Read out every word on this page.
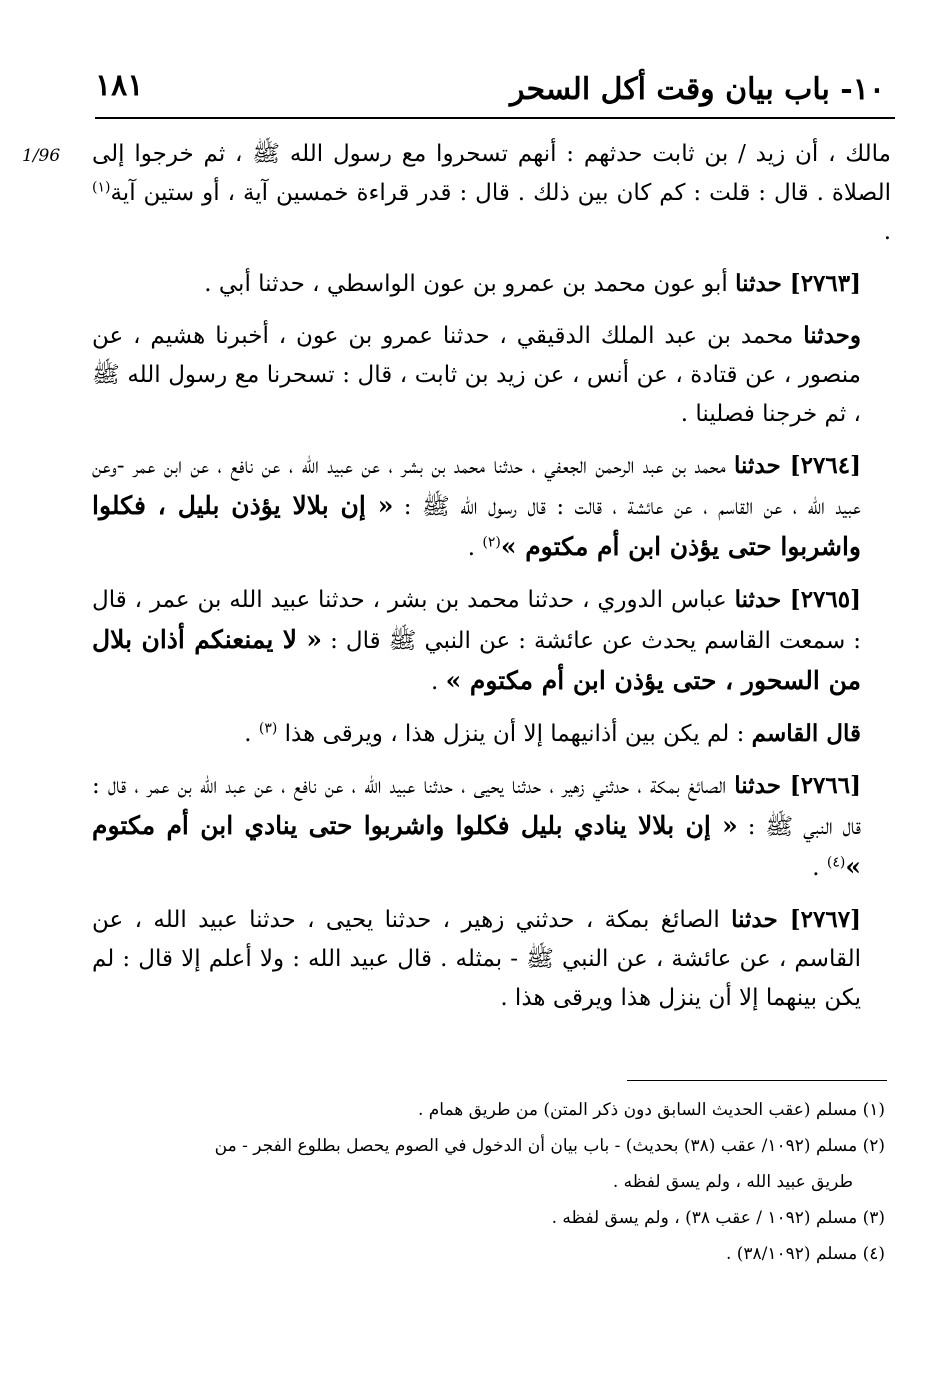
١٠- باب بيان وقت أكل السحر
١٨١
1/96 مالك ، أن زيد / بن ثابت حدثهم : أنهم تسحروا مع رسول الله ﷺ ، ثم خرجوا إلى الصلاة . قال : قلت : كم كان بين ذلك . قال : قدر قراءة خمسين آية ، أو ستين آية$^{(١)}$ .

[٢٧٦٣] حدثنا أبو عون محمد بن عمرو بن عون الواسطي ، حدثنا أبي .

وحدثنا محمد بن عبد الملك الدقيقي ، حدثنا عمرو بن عون ، أخبرنا هشيم ، عن منصور ، عن قتادة ، عن أنس ، عن زيد بن ثابت ، قال : تسحرنا مع رسول الله ﷺ ، ثم خرجنا فصلينا .

[٢٧٦٤] حدثنا محمد بن عبد الرحمن الجعفي ، حدثنا محمد بن بشر ، عن عبيد الله ، عن نافع ، عن ابن عمر -وعن عبيد الله ، عن القاسم ، عن عائشة ، قالت : قال رسول الله ﷺ : « إن بلالا يؤذن بليل ، فكلوا واشربوا حتى يؤذن ابن أم مكتوم »$^{(٢)}$ .

[٢٧٦٥] حدثنا عباس الدوري ، حدثنا محمد بن بشر ، حدثنا عبيد الله بن عمر ، قال : سمعت القاسم يحدث عن عائشة : عن النبي ﷺ قال : « لا يمنعنكم أذان بلال من السحور ، حتى يؤذن ابن أم مكتوم » .

قال القاسم : لم يكن بين أذانيهما إلا أن ينزل هذا ، ويرقى هذا $^{(٣)}$ .

[٢٧٦٦] حدثنا الصائغ بمكة ، حدثني زهير ، حدثنا يحيى ، حدثنا عبيد الله ، عن نافع ، عن عبد الله بن عمر ، قال : قال النبي ﷺ : « إن بلالا ينادي بليل فكلوا واشربوا حتى ينادي ابن أم مكتوم »$^{(٤)}$ .

[٢٧٦٧] حدثنا الصائغ بمكة ، حدثني زهير ، حدثنا يحيى ، حدثنا عبيد الله ، عن القاسم ، عن عائشة ، عن النبي ﷺ - بمثله . قال عبيد الله : ولا أعلم إلا قال : لم يكن بينهما إلا أن ينزل هذا ويرقى هذا .

(١) مسلم (عقب الحديث السابق دون ذكر المتن) من طريق همام .
(٢) مسلم (١٠٩٢/ عقب (٣٨) بحديث) - باب بيان أن الدخول في الصوم يحصل بطلوع الفجر - من
طريق عبيد الله ، ولم يسق لفظه .
(٣) مسلم (١٠٩٢ / عقب ٣٨) ، ولم يسق لفظه .
(٤) مسلم (٣٨/١٠٩٢) .
